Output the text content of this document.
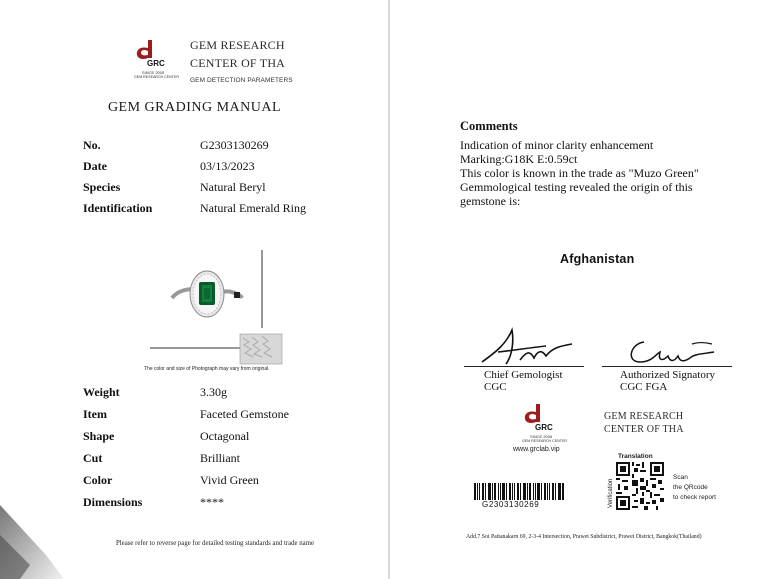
GRC
SINCE 2005
GEM RESEARCH CENTER
GEM RESEARCH
CENTER OF THA
GEM DETECTION PARAMETERS
GEM GRADING MANUAL
No.	G2303130269
Date	03/13/2023
Species	Natural Beryl
Identification	Natural Emerald Ring
The color and size of Photograph may vary from original.
Weight	3.30g
Item	Faceted Gemstone
Shape	Octagonal
Cut	Brilliant
Color	Vivid Green
Dimensions	****
Please refer to reverse page for detailed testing standards and trade name
Comments
Indication of minor clarity enhancement
Marking:G18K E:0.59ct
This color is known in the trade as "Muzo Green"
Gemmological testing revealed the origin of this
gemstone is:
Afghanistan
Chief Gemologist
CGC
Authorized Signatory
CGC FGA
GRC
SINCE 2005
GEM RESEARCH CENTER
www.grclab.vip
GEM RESEARCH
CENTER OF THA
G2303130269
Translation
Verification
Scan
the QRcode
to check report
Add.7 Soi Pattanakarn 69, 2-3-4 Intersection, Prawet Subdistrict, Prawet District, Bangkok(Thailand)
